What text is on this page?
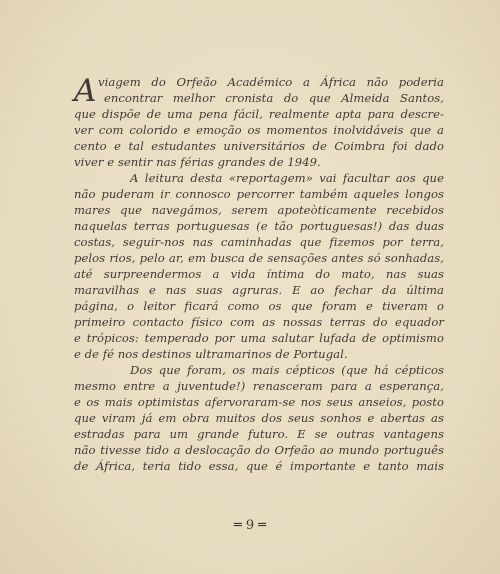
A viagem do Orfeão Académico a África não poderia
encontrar melhor cronista do que Almeida Santos,
que dispõe de uma pena fácil, realmente apta para descre-
ver com colorido e emoção os momentos inolvidáveis que a
cento e tal estudantes universitários de Coimbra foi dado
viver e sentir nas férias grandes de 1949.
A leitura desta «reportagem» vai facultar aos que
não puderam ir connosco percorrer também aqueles longos
mares que navegámos, serem apoteòticamente recebidos
naquelas terras portuguesas (e tão portuguesas!) das duas
costas, seguir-nos nas caminhadas que fizemos por terra,
pelos rios, pelo ar, em busca de sensações antes só sonhadas,
até surpreendermos a vida íntima do mato, nas suas
maravilhas e nas suas agruras. E ao fechar da última
página, o leitor ficará como os que foram e tiveram o
primeiro contacto físico com as nossas terras do equador
e trópicos: temperado por uma salutar lufada de optimismo
e de fé nos destinos ultramarinos de Portugal.
Dos que foram, os mais cépticos (que há cépticos
mesmo entre a juventude!) renasceram para a esperança,
e os mais optimistas afervoraram-se nos seus anseios, posto
que viram já em obra muitos dos seus sonhos e abertas as
estradas para um grande futuro. E se outras vantagens
não tivesse tido a deslocação do Orfeão ao mundo português
de África, teria tido essa, que é importante e tanto mais
═ 9 ═
